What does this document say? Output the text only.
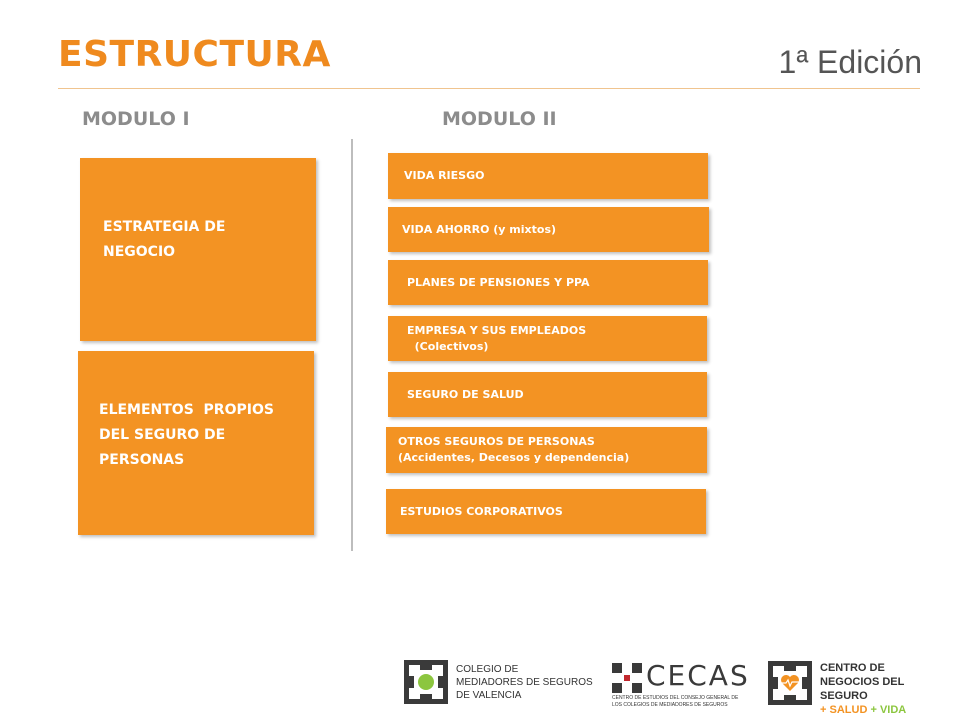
ESTRUCTURA	1ª Edición
MODULO I	MODULO II
ESTRATEGIA DE
NEGOCIO
ELEMENTOS  PROPIOS
DEL SEGURO DE
PERSONAS
VIDA RIESGO
VIDA AHORRO (y mixtos)
PLANES DE PENSIONES Y PPA
EMPRESA Y SUS EMPLEADOS
(Colectivos)
SEGURO DE SALUD
OTROS SEGUROS DE PERSONAS
(Accidentes, Decesos y dependencia)
ESTUDIOS CORPORATIVOS
COLEGIO DE
MEDIADORES DE SEGUROS
DE VALENCIA
CECAS
CENTRO DE ESTUDIOS DEL CONSEJO GENERAL DE
LOS COLEGIOS DE MEDIADORES DE SEGUROS
CENTRO DE
NEGOCIOS DEL SEGURO
+ SALUD + VIDA
